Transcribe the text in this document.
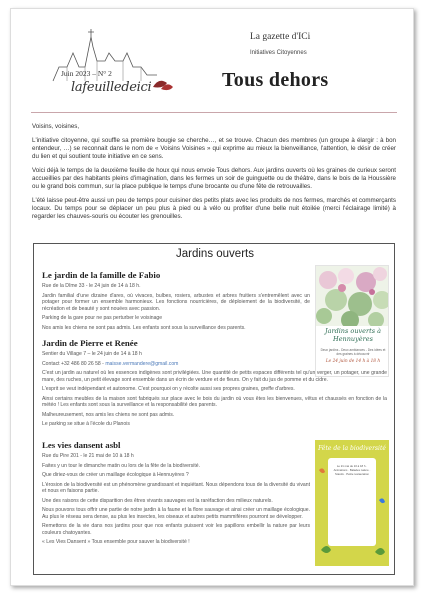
Juin 2023 – N° 2
lafeuilledeici
La gazette d'ICi
Initiatives Citoyennes
Tous dehors

Voisins, voisines,

L'initiative citoyenne, qui souffle sa première bougie se cherche…, et se trouve. Chacun des membres (un groupe à élargir : à bon entendeur, …) se reconnait dans le nom de « Voisins Voisines » qui exprime au mieux la bienveillance, l'attention, le désir de créer du lien et qui soutient toute initiative en ce sens.

Voici déjà le temps de la deuxième feuille de houx qui nous envoie Tous dehors. Aux jardins ouverts où les graines de curieux seront accueillies par des habitants pleins d'imagination, dans les fermes un soir de guinguette ou de théâtre, dans le bois de la Houssière ou le grand bois commun, sur la place publique le temps d'une brocante ou d'une fête de retrouvailles.

L'été laisse peut-être aussi un peu de temps pour cuisiner des petits plats avec les produits de nos fermes, marchés et commerçants locaux. Du temps pour se déplacer un peu plus à pied ou à vélo ou profiter d'une belle nuit étoilée (merci l'éclairage limité) à regarder les chauves-souris ou écouter les grenouilles.

Jardins ouverts
Le jardin de la famille de Fabio

Rue de la Dîme 33 - le 24 juin de 14 à 18 h.

Jardin familial d'une dizaine d'ares, où vivaces, bulbes, rosiers, arbustes et arbres fruitiers s'entremêlent avec un potager pour former un ensemble harmonieux. Les fonctions nourricières, de déploiement de la biodiversité, de récréation et de beauté y sont nouées avec passion.

Parking de la gare pour ne pas perturber le voisinage

Nos amis les chiens ne sont pas admis. Les enfants sont sous la surveillance des parents.	Jardins ouverts à Hennuyères
Deux jardins - Deux ambiances - Des idées et des graines à découvrir
Le 24 juin de 14 h à 18 h
Jardin de Pierre et Renée

Sentier du Village 7 – le 24 juin de 14 à 18 h

Contact +32 486 80 26 58 - maisse.vermandere@gmail.com

C'est un jardin au naturel où les essences indigènes sont privilégiées. Une quantité de petits espaces différents tel qu'un verger, un potager, une grande mare, des ruches, un petit élevage sont ensemble dans un écrin de verdure et de fleurs. On y fait du jus de pomme et du cidre.

L'esprit se veut indépendant et autonome. C'est pourquoi on y récolte aussi ses propres graines, greffe d'arbres.

Ainsi certains meubles de la maison sont fabriqués sur place avec le bois du jardin où vous êtes les bienvenues, vêtus et chaussés en fonction de la météo ! Les enfants sont sous la surveillance et la responsabilité des parents.

Malheureusement, nos amis les chiens ne sont pas admis.

Le parking se situe à l'école du Planois

Les vies dansent asbl

Rue du Pire 201 - le 21 mai de 10 à 18 h

Faites y un tour le dimanche matin ou lors de la fête de la biodiversité.

Que diriez-vous de créer un maillage écologique à Hennuyères ?

L'érosion de la biodiversité est un phénomène grandissant et inquiétant. Nous dépendons tous de la diversité du vivant et nous en faisons partie.

Une des raisons de cette disparition des êtres vivants sauvages est la raréfaction des milieux naturels.

Nous pouvons tous offrir une partie de notre jardin à la faune et la flore sauvage et ainsi créer un maillage écologique. Au plus le réseau sera dense, au plus les insectes, les oiseaux et autres petits mammifères pourront se développer.

Remettons de la vie dans nos jardins pour que nos enfants puissent voir les papillons embellir la nature par leurs couleurs chatoyantes.

« Les Vies Dansent » Tous ensemble pour sauver la biodiversité !

Fête de la biodiversité
Le 21 mai de 10 à 18 h · Animations · Balades nature · Stands · Petite restauration
